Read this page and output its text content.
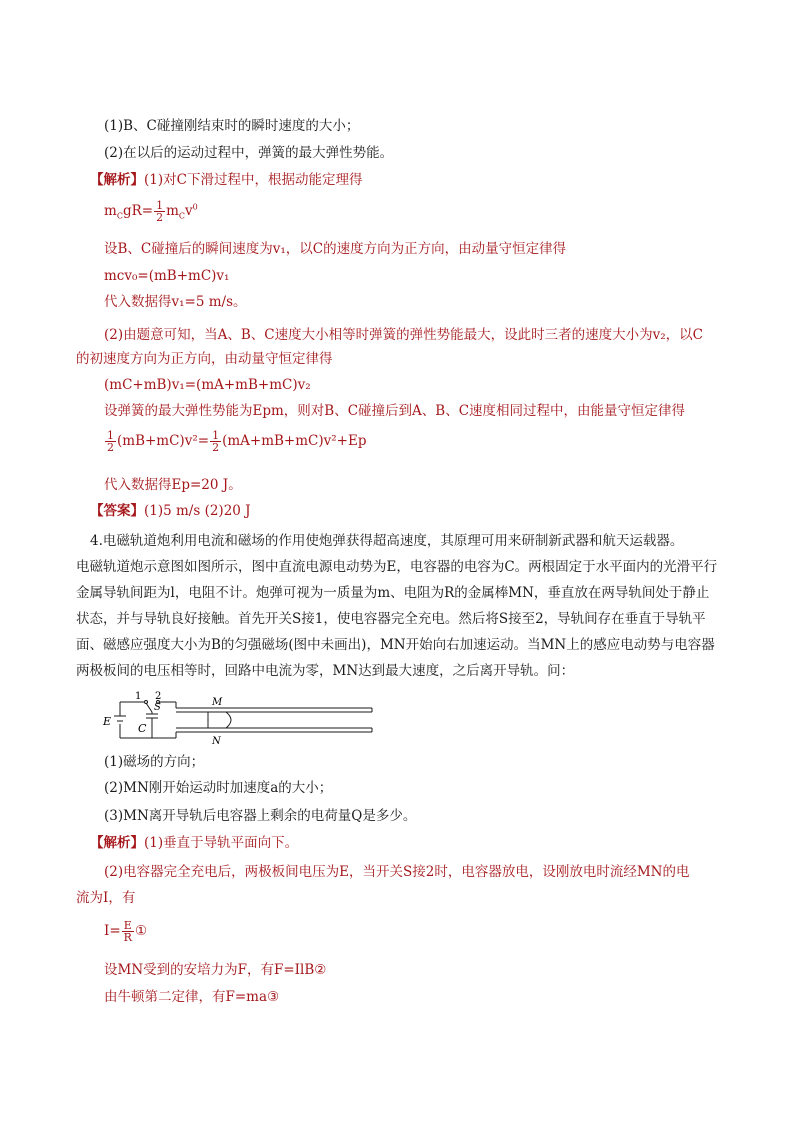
(1)B、C碰撞刚结束时的瞬时速度的大小；
(2)在以后的运动过程中，弹簧的最大弹性势能。
【解析】(1)对C下滑过程中，根据动能定理得
$m_CgR= \frac{1}{2} m_Cv^0$
设B、C碰撞后的瞬间速度为v₁，以C的速度方向为正方向，由动量守恒定律得
mcv₀=(mB+mC)v₁
代入数据得v₁=5 m/s。
(2)由题意可知，当A、B、C速度大小相等时弹簧的弹性势能最大，设此时三者的速度大小为v₂，以C
的初速度方向为正方向，由动量守恒定律得
(mC+mB)v₁=(mA+mB+mC)v₂
设弹簧的最大弹性势能为Epm，则对B、C碰撞后到A、B、C速度相同过程中，由能量守恒定律得
$\frac{1}{2} (mB+mC)v^2= \frac{1}{2} (mA+mB+mC)v^2+Ep$
代入数据得Ep=20 J。
【答案】(1)5 m/s (2)20 J
4.电磁轨道炮利用电流和磁场的作用使炮弹获得超高速度，其原理可用来研制新武器和航天运载器。
电磁轨道炮示意图如图所示，图中直流电源电动势为E，电容器的电容为C。两根固定于水平面内的光滑平行
金属导轨间距为l，电阻不计。炮弹可视为一质量为m、电阻为R的金属棒MN，垂直放在两导轨间处于静止
状态，并与导轨良好接触。首先开关S接1，使电容器完全充电。然后将S接至2，导轨间存在垂直于导轨平
面、磁感应强度大小为B的匀强磁场(图中未画出)，MN开始向右加速运动。当MN上的感应电动势与电容器
两极板间的电压相等时，回路中电流为零，MN达到最大速度，之后离开导轨。问：
1 2
S
E
C
M
N
(1)磁场的方向；
(2)MN刚开始运动时加速度a的大小；
(3)MN离开导轨后电容器上剩余的电荷量Q是多少。
【解析】(1)垂直于导轨平面向下。
(2)电容器完全充电后，两极板间电压为E，当开关S接2时，电容器放电，设刚放电时流经MN的电
流为I，有
$I= \frac{E}{R}$ ①
设MN受到的安培力为F，有F=IlB②
由牛顿第二定律，有F=ma③
